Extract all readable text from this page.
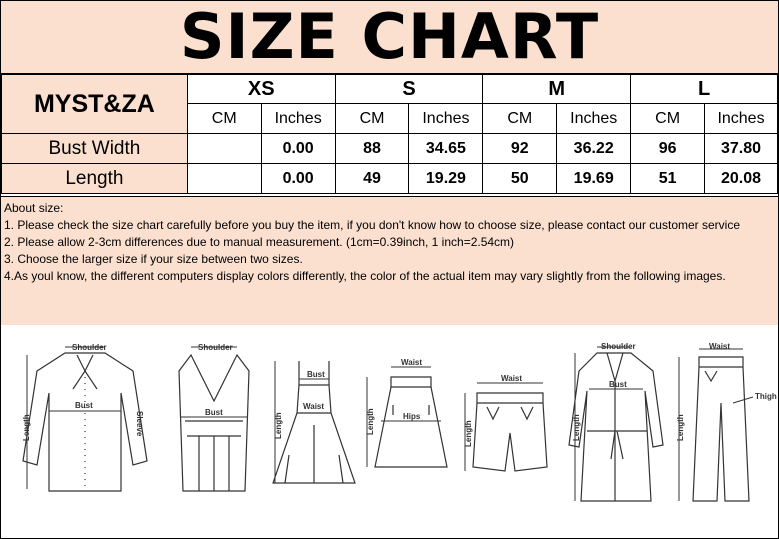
SIZE CHART
MYST&ZA	XS		S		M		L	
	CM	Inches	CM	Inches	CM	Inches	CM	Inches
Bust Width		0.00	88	34.65	92	36.22	96	37.80
Length		0.00	49	19.29	50	19.69	51	20.08
About size:
1. Please check the size chart carefully before you buy the item, if you don't know how to choose size, please contact our customer service
2. Please allow 2-3cm differences due to manual measurement. (1cm=0.39inch, 1 inch=2.54cm)
3. Choose the larger size if your size between two sizes.
4.As youl know, the different computers display colors differently, the color of the actual item may vary slightly from the following images.
Shoulder
Bust
Length	Sleeve
Shoulder
Bust
Bust
Waist
Length
Waist
Hips
Length
Waist
Length
Shoulder
Bust
Length
Waist
Thigh
Length
